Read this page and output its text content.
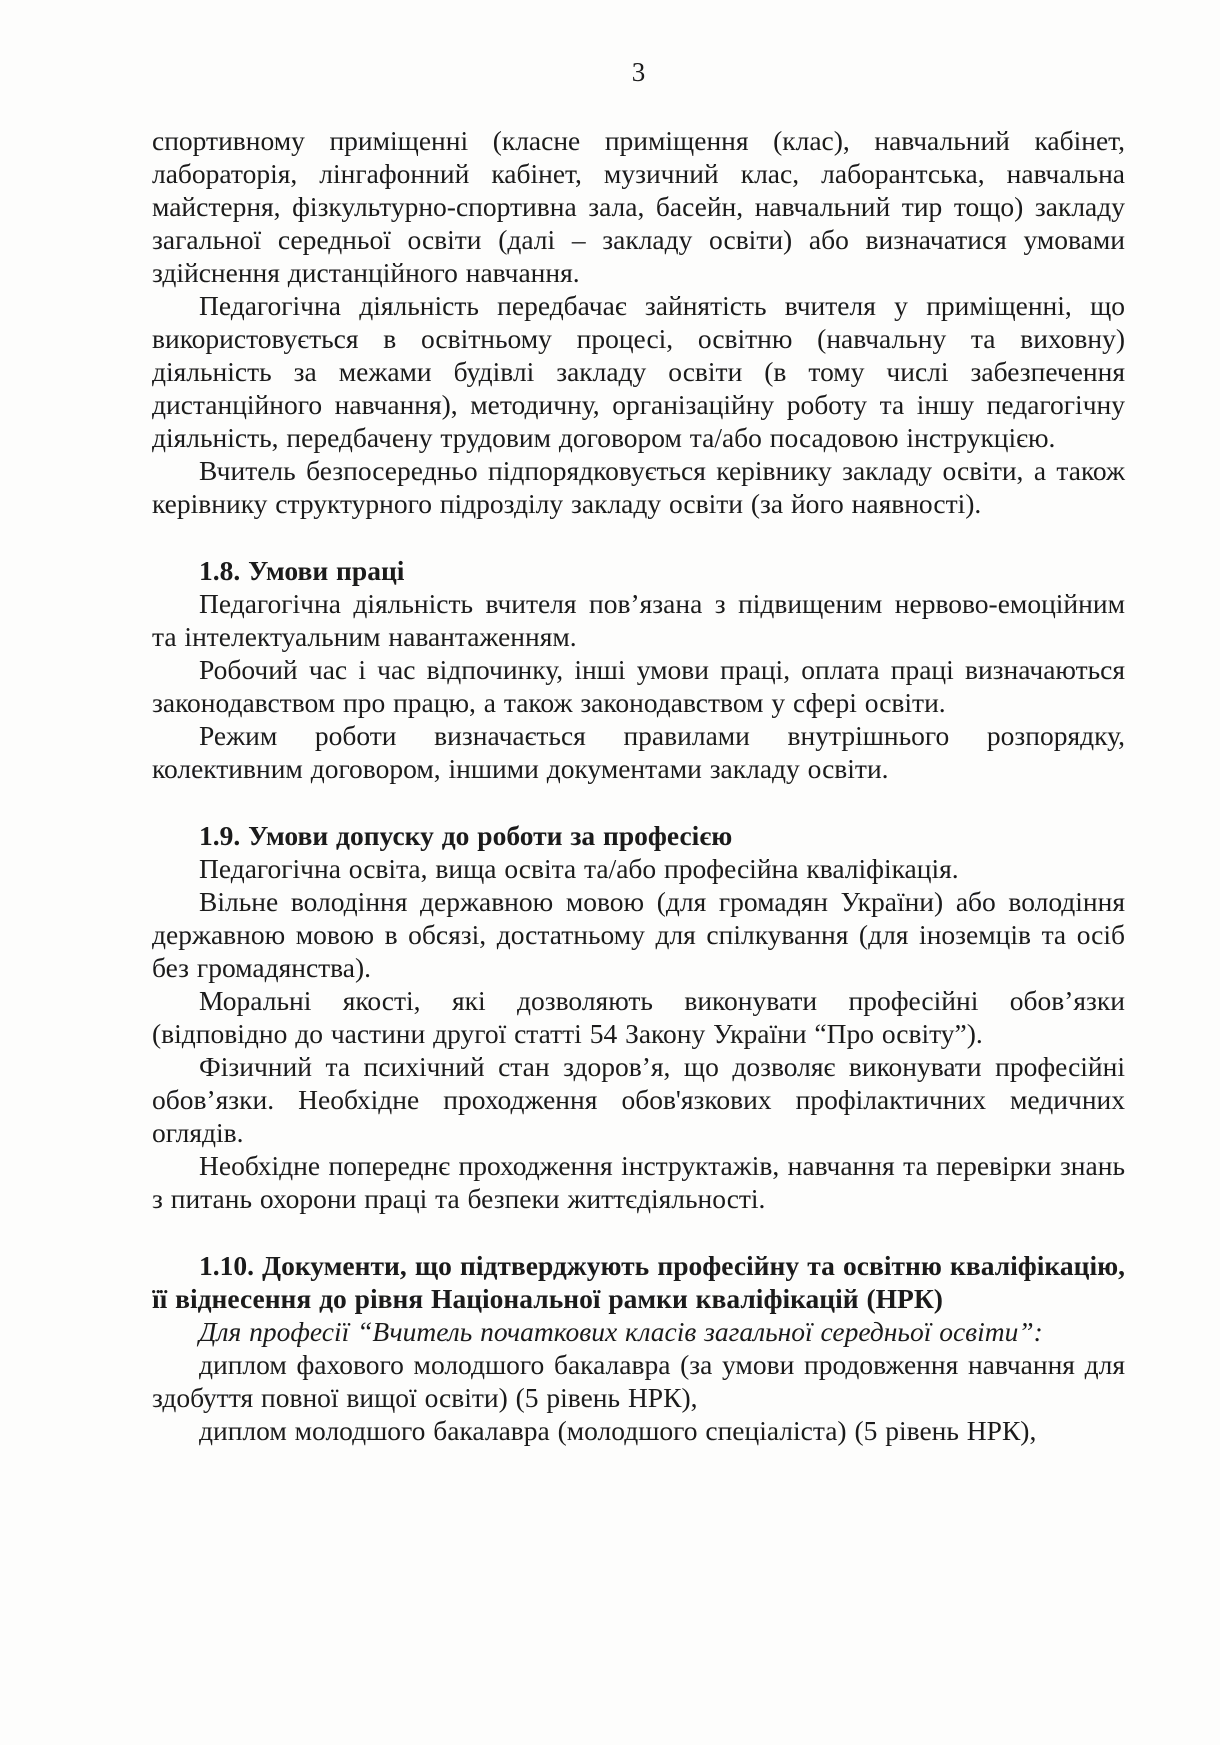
3

спортивному приміщенні (класне приміщення (клас), навчальний кабінет, лабораторія, лінгафонний кабінет, музичний клас, лаборантська, навчальна майстерня, фізкультурно-спортивна зала, басейн, навчальний тир тощо) закладу загальної середньої освіти (далі – закладу освіти) або визначатися умовами здійснення дистанційного навчання.

Педагогічна діяльність передбачає зайнятість вчителя у приміщенні, що використовується в освітньому процесі, освітню (навчальну та виховну) діяльність за межами будівлі закладу освіти (в тому числі забезпечення дистанційного навчання), методичну, організаційну роботу та іншу педагогічну діяльність, передбачену трудовим договором та/або посадовою інструкцією.

Вчитель безпосередньо підпорядковується керівнику закладу освіти, а також керівнику структурного підрозділу закладу освіти (за його наявності).

1.8. Умови праці

Педагогічна діяльність вчителя пов’язана з підвищеним нервово-емоційним та інтелектуальним навантаженням.

Робочий час і час відпочинку, інші умови праці, оплата праці визначаються законодавством про працю, а також законодавством у сфері освіти.

Режим роботи визначається правилами внутрішнього розпорядку, колективним договором, іншими документами закладу освіти.

1.9. Умови допуску до роботи за професією

Педагогічна освіта, вища освіта та/або професійна кваліфікація.

Вільне володіння державною мовою (для громадян України) або володіння державною мовою в обсязі, достатньому для спілкування (для іноземців та осіб без громадянства).

Моральні якості, які дозволяють виконувати професійні обов’язки (відповідно до частини другої статті 54 Закону України “Про освіту”).

Фізичний та психічний стан здоров’я, що дозволяє виконувати професійні обов’язки. Необхідне проходження обов'язкових профілактичних медичних оглядів.

Необхідне попереднє проходження інструктажів, навчання та перевірки знань з питань охорони праці та безпеки життєдіяльності.

1.10. Документи, що підтверджують професійну та освітню кваліфікацію, її віднесення до рівня Національної рамки кваліфікацій (НРК)

Для професії “Вчитель початкових класів загальної середньої освіти”:

диплом фахового молодшого бакалавра (за умови продовження навчання для здобуття повної вищої освіти) (5 рівень НРК),

диплом молодшого бакалавра (молодшого спеціаліста) (5 рівень НРК),
